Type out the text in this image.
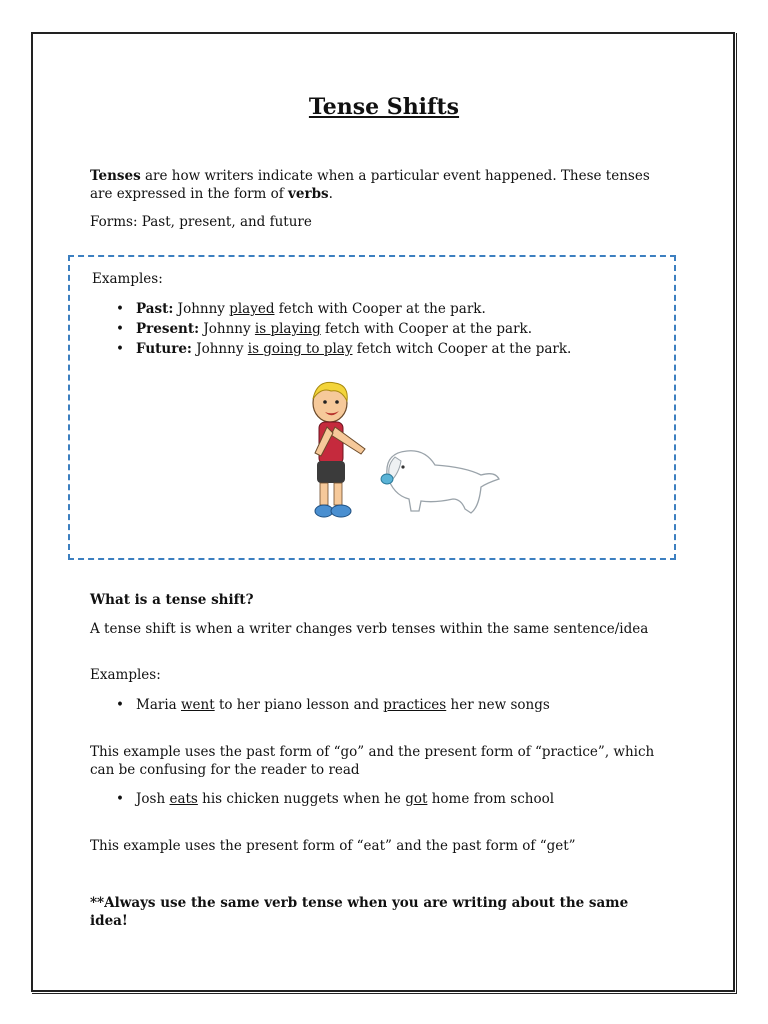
Tense Shifts

Tenses are how writers indicate when a particular event happened. These tenses are expressed in the form of verbs.

Forms: Past, present, and future

Examples:
• Past: Johnny played fetch with Cooper at the park.
• Present: Johnny is playing fetch with Cooper at the park.
• Future: Johnny is going to play fetch witch Cooper at the park.

What is a tense shift?

A tense shift is when a writer changes verb tenses within the same sentence/idea

Examples:

• Maria went to her piano lesson and practices her new songs

This example uses the past form of “go” and the present form of “practice”, which can be confusing for the reader to read

• Josh eats his chicken nuggets when he got home from school

This example uses the present form of “eat” and the past form of “get”

**Always use the same verb tense when you are writing about the same idea!
